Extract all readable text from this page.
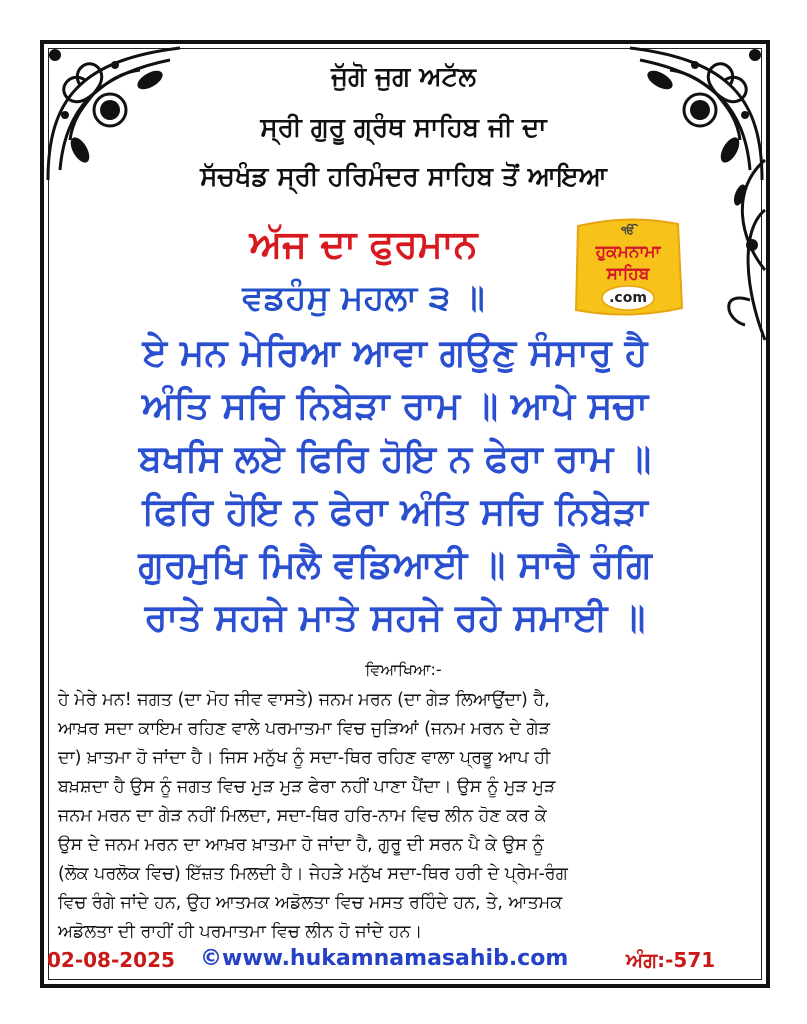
ਜੁੱਗੋ ਜੁਗ ਅਟੱਲ
ਸ੍ਰੀ ਗੁਰੂ ਗ੍ਰੰਥ ਸਾਹਿਬ ਜੀ ਦਾ
ਸੱਚਖੰਡ ਸ੍ਰੀ ਹਰਿਮੰਦਰ ਸਾਹਿਬ ਤੋਂ ਆਇਆ
ਅੱਜ ਦਾ ਫੁਰਮਾਨ
ਵਡਹੰਸੁ ਮਹਲਾ ੩ ॥
ੴ
ਹੁਕਮਨਾਮਾ
ਸਾਹਿਬ
.com
ਏ ਮਨ ਮੇਰਿਆ ਆਵਾ ਗਉਣੁ ਸੰਸਾਰੁ ਹੈ
ਅੰਤਿ ਸਚਿ ਨਿਬੇੜਾ ਰਾਮ ॥ ਆਪੇ ਸਚਾ
ਬਖਸਿ ਲਏ ਫਿਰਿ ਹੋਇ ਨ ਫੇਰਾ ਰਾਮ ॥
ਫਿਰਿ ਹੋਇ ਨ ਫੇਰਾ ਅੰਤਿ ਸਚਿ ਨਿਬੇੜਾ
ਗੁਰਮੁਖਿ ਮਿਲੈ ਵਡਿਆਈ ॥ ਸਾਚੈ ਰੰਗਿ
ਰਾਤੇ ਸਹਜੇ ਮਾਤੇ ਸਹਜੇ ਰਹੇ ਸਮਾਈ ॥
ਵਿਆਖਿਆ:-
ਹੇ ਮੇਰੇ ਮਨ! ਜਗਤ (ਦਾ ਮੋਹ ਜੀਵ ਵਾਸਤੇ) ਜਨਮ ਮਰਨ (ਦਾ ਗੇੜ ਲਿਆਉਂਦਾ) ਹੈ,
ਆਖ਼ਰ ਸਦਾ ਕਾਇਮ ਰਹਿਣ ਵਾਲੇ ਪਰਮਾਤਮਾ ਵਿਚ ਜੁੜਿਆਂ (ਜਨਮ ਮਰਨ ਦੇ ਗੇੜ
ਦਾ) ਖ਼ਾਤਮਾ ਹੋ ਜਾਂਦਾ ਹੈ। ਜਿਸ ਮਨੁੱਖ ਨੂੰ ਸਦਾ-ਥਿਰ ਰਹਿਣ ਵਾਲਾ ਪ੍ਰਭੂ ਆਪ ਹੀ
ਬਖ਼ਸ਼ਦਾ ਹੈ ਉਸ ਨੂੰ ਜਗਤ ਵਿਚ ਮੁੜ ਮੁੜ ਫੇਰਾ ਨਹੀਂ ਪਾਣਾ ਪੈਂਦਾ। ਉਸ ਨੂੰ ਮੁੜ ਮੁੜ
ਜਨਮ ਮਰਨ ਦਾ ਗੇੜ ਨਹੀਂ ਮਿਲਦਾ, ਸਦਾ-ਥਿਰ ਹਰਿ-ਨਾਮ ਵਿਚ ਲੀਨ ਹੋਣ ਕਰ ਕੇ
ਉਸ ਦੇ ਜਨਮ ਮਰਨ ਦਾ ਆਖ਼ਰ ਖ਼ਾਤਮਾ ਹੋ ਜਾਂਦਾ ਹੈ, ਗੁਰੂ ਦੀ ਸਰਨ ਪੈ ਕੇ ਉਸ ਨੂੰ
(ਲੋਕ ਪਰਲੋਕ ਵਿਚ) ਇੱਜ਼ਤ ਮਿਲਦੀ ਹੈ। ਜੇਹੜੇ ਮਨੁੱਖ ਸਦਾ-ਥਿਰ ਹਰੀ ਦੇ ਪ੍ਰੇਮ-ਰੰਗ
ਵਿਚ ਰੰਗੇ ਜਾਂਦੇ ਹਨ, ਉਹ ਆਤਮਕ ਅਡੋਲਤਾ ਵਿਚ ਮਸਤ ਰਹਿੰਦੇ ਹਨ, ਤੇ, ਆਤਮਕ
ਅਡੋਲਤਾ ਦੀ ਰਾਹੀਂ ਹੀ ਪਰਮਾਤਮਾ ਵਿਚ ਲੀਨ ਹੋ ਜਾਂਦੇ ਹਨ।
02-08-2025 ©www.hukamnamasahib.com	ਅੰਗ:-571
